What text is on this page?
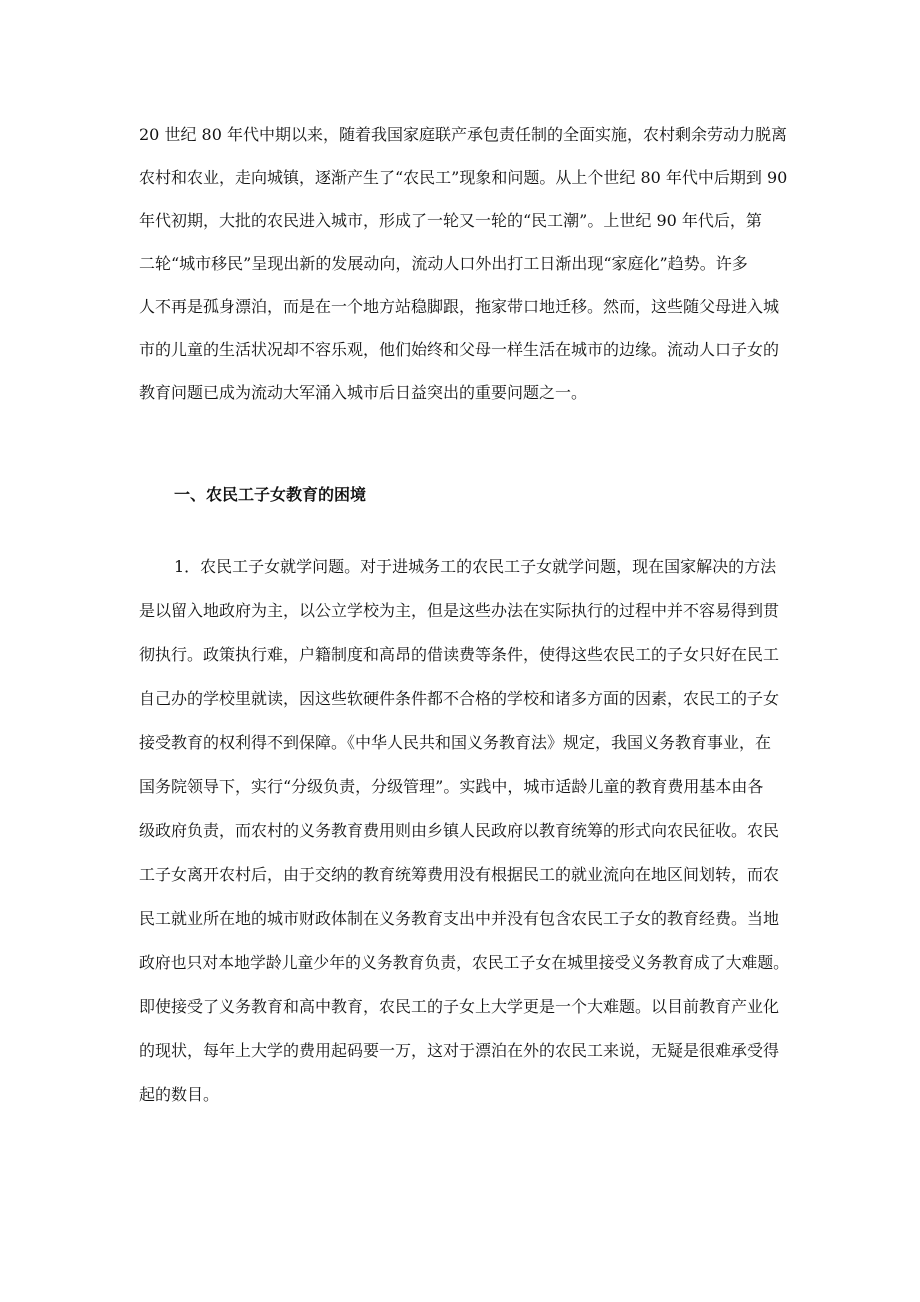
20 世纪 80 年代中期以来，随着我国家庭联产承包责任制的全面实施，农村剩余劳动力脱离
农村和农业，走向城镇，逐渐产生了“农民工”现象和问题。从上个世纪 80 年代中后期到 90
年代初期，大批的农民进入城市，形成了一轮又一轮的“民工潮”。上世纪 90 年代后，第
二轮“城市移民”呈现出新的发展动向，流动人口外出打工日渐出现“家庭化”趋势。许多
人不再是孤身漂泊，而是在一个地方站稳脚跟，拖家带口地迁移。然而，这些随父母进入城
市的儿童的生活状况却不容乐观，他们始终和父母一样生活在城市的边缘。流动人口子女的
教育问题已成为流动大军涌入城市后日益突出的重要问题之一。
一、农民工子女教育的困境
1．农民工子女就学问题。对于进城务工的农民工子女就学问题，现在国家解决的方法
是以留入地政府为主，以公立学校为主，但是这些办法在实际执行的过程中并不容易得到贯
彻执行。政策执行难，户籍制度和高昂的借读费等条件，使得这些农民工的子女只好在民工
自己办的学校里就读，因这些软硬件条件都不合格的学校和诸多方面的因素，农民工的子女
接受教育的权利得不到保障。《中华人民共和国义务教育法》规定，我国义务教育事业，在
国务院领导下，实行“分级负责，分级管理”。实践中，城市适龄儿童的教育费用基本由各
级政府负责，而农村的义务教育费用则由乡镇人民政府以教育统筹的形式向农民征收。农民
工子女离开农村后，由于交纳的教育统筹费用没有根据民工的就业流向在地区间划转，而农
民工就业所在地的城市财政体制在义务教育支出中并没有包含农民工子女的教育经费。当地
政府也只对本地学龄儿童少年的义务教育负责，农民工子女在城里接受义务教育成了大难题。
即使接受了义务教育和高中教育，农民工的子女上大学更是一个大难题。以目前教育产业化
的现状，每年上大学的费用起码要一万，这对于漂泊在外的农民工来说，无疑是很难承受得
起的数目。
